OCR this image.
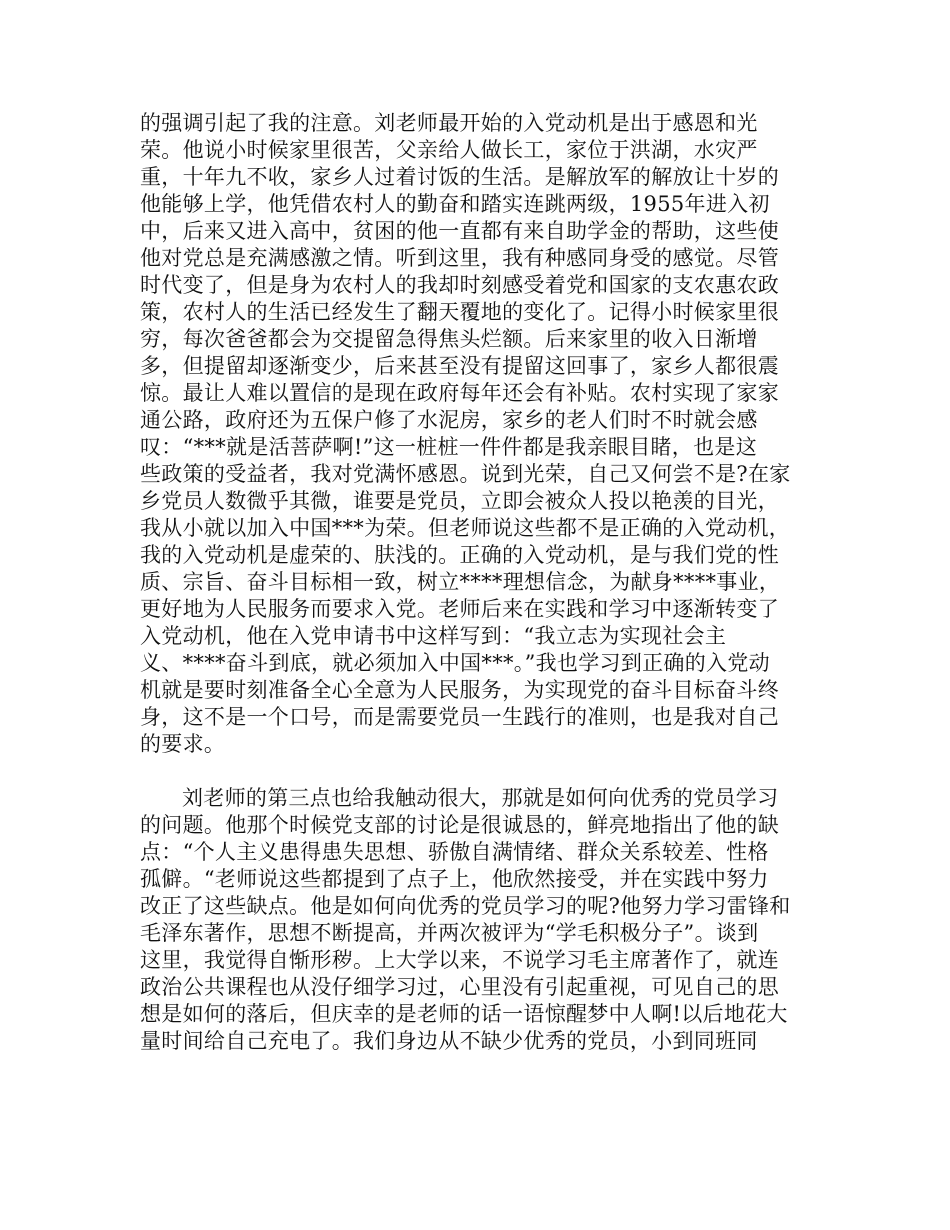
的强调引起了我的注意。刘老师最开始的入党动机是出于感恩和光
荣。他说小时候家里很苦，父亲给人做长工，家位于洪湖，水灾严
重，十年九不收，家乡人过着讨饭的生活。是解放军的解放让十岁的
他能够上学，他凭借农村人的勤奋和踏实连跳两级，1955年进入初
中，后来又进入高中，贫困的他一直都有来自助学金的帮助，这些使
他对党总是充满感激之情。听到这里，我有种感同身受的感觉。尽管
时代变了，但是身为农村人的我却时刻感受着党和国家的支农惠农政
策，农村人的生活已经发生了翻天覆地的变化了。记得小时候家里很
穷，每次爸爸都会为交提留急得焦头烂额。后来家里的收入日渐增
多，但提留却逐渐变少，后来甚至没有提留这回事了，家乡人都很震
惊。最让人难以置信的是现在政府每年还会有补贴。农村实现了家家
通公路，政府还为五保户修了水泥房，家乡的老人们时不时就会感
叹：“***就是活菩萨啊!”这一桩桩一件件都是我亲眼目睹，也是这
些政策的受益者，我对党满怀感恩。说到光荣，自己又何尝不是?在家
乡党员人数微乎其微，谁要是党员，立即会被众人投以艳羡的目光，
我从小就以加入中国***为荣。但老师说这些都不是正确的入党动机，
我的入党动机是虚荣的、肤浅的。正确的入党动机，是与我们党的性
质、宗旨、奋斗目标相一致，树立****理想信念，为献身****事业，
更好地为人民服务而要求入党。老师后来在实践和学习中逐渐转变了
入党动机，他在入党申请书中这样写到：“我立志为实现社会主
义、****奋斗到底，就必须加入中国***。”我也学习到正确的入党动
机就是要时刻准备全心全意为人民服务，为实现党的奋斗目标奋斗终
身，这不是一个口号，而是需要党员一生践行的准则，也是我对自己
的要求。
刘老师的第三点也给我触动很大，那就是如何向优秀的党员学习
的问题。他那个时候党支部的讨论是很诚恳的，鲜亮地指出了他的缺
点：“个人主义患得患失思想、骄傲自满情绪、群众关系较差、性格
孤僻。“老师说这些都提到了点子上，他欣然接受，并在实践中努力
改正了这些缺点。他是如何向优秀的党员学习的呢?他努力学习雷锋和
毛泽东著作，思想不断提高，并两次被评为“学毛积极分子”。谈到
这里，我觉得自惭形秽。上大学以来，不说学习毛主席著作了，就连
政治公共课程也从没仔细学习过，心里没有引起重视，可见自己的思
想是如何的落后，但庆幸的是老师的话一语惊醒梦中人啊!以后地花大
量时间给自己充电了。我们身边从不缺少优秀的党员，小到同班同
